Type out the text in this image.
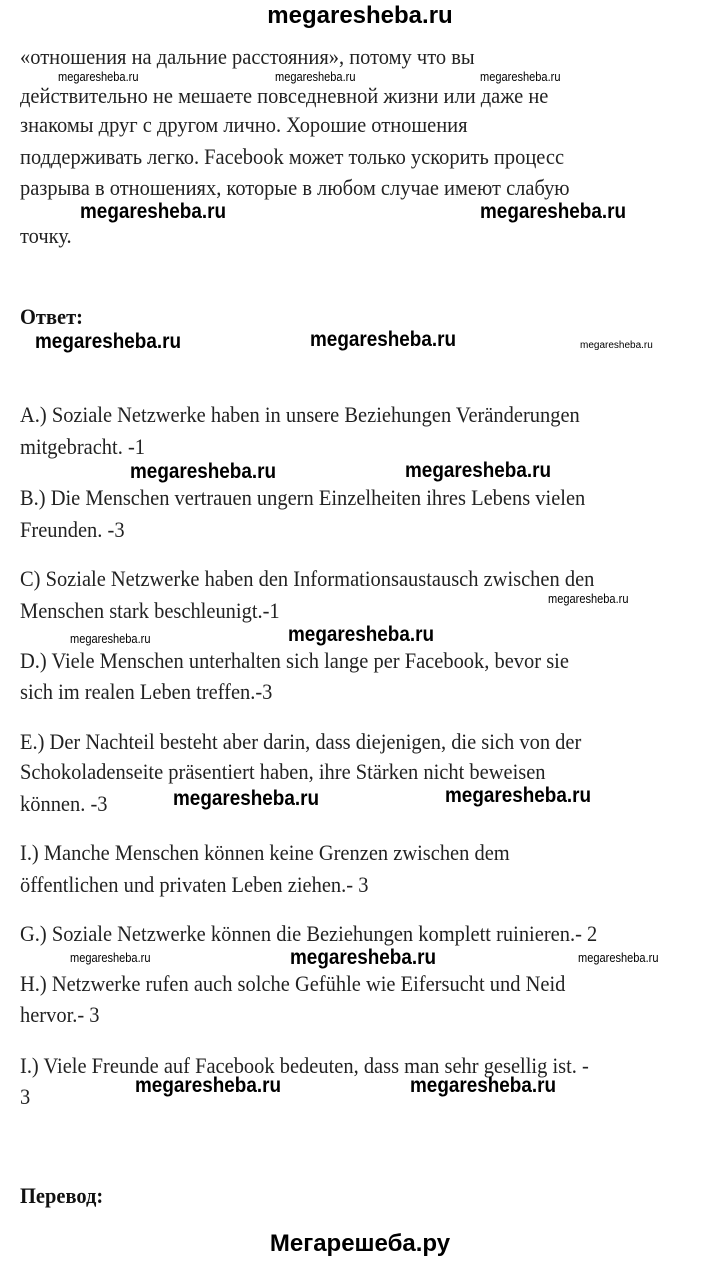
megaresheba.ru
«отношения на дальние расстояния», потому что вы
действительно не мешаете повседневной жизни или даже не
знакомы друг с другом лично. Хорошие отношения
поддерживать легко. Facebook может только ускорить процесс
разрыва в отношениях, которые в любом случае имеют слабую
точку.
Ответ:
A.) Soziale Netzwerke haben in unsere Beziehungen Veränderungen
mitgebracht. -1
B.) Die Menschen vertrauen ungern Einzelheiten ihres Lebens vielen
Freunden. -3
C) Soziale Netzwerke haben den Informationsaustausch zwischen den
Menschen stark beschleunigt.-1
D.) Viele Menschen unterhalten sich lange per Facebook, bevor sie
sich im realen Leben treffen.-3
E.) Der Nachteil besteht aber darin, dass diejenigen, die sich von der
Schokoladenseite präsentiert haben, ihre Stärken nicht beweisen
können. -3
I.) Manche Menschen können keine Grenzen zwischen dem
öffentlichen und privaten Leben ziehen.- 3
G.) Soziale Netzwerke können die Beziehungen komplett ruinieren.- 2
H.) Netzwerke rufen auch solche Gefühle wie Eifersucht und Neid
hervor.- 3
I.) Viele Freunde auf Facebook bedeuten, dass man sehr gesellig ist. -
3
Перевод:
megaresheba.ru	megaresheba.ru	megaresheba.ru
megaresheba.ru	megaresheba.ru
megaresheba.ru	megaresheba.ru	megaresheba.ru
megaresheba.ru	megaresheba.ru
megaresheba.ru
megaresheba.ru	megaresheba.ru
megaresheba.ru	megaresheba.ru
megaresheba.ru	megaresheba.ru	megaresheba.ru
megaresheba.ru	megaresheba.ru
Мегарешеба.ру
